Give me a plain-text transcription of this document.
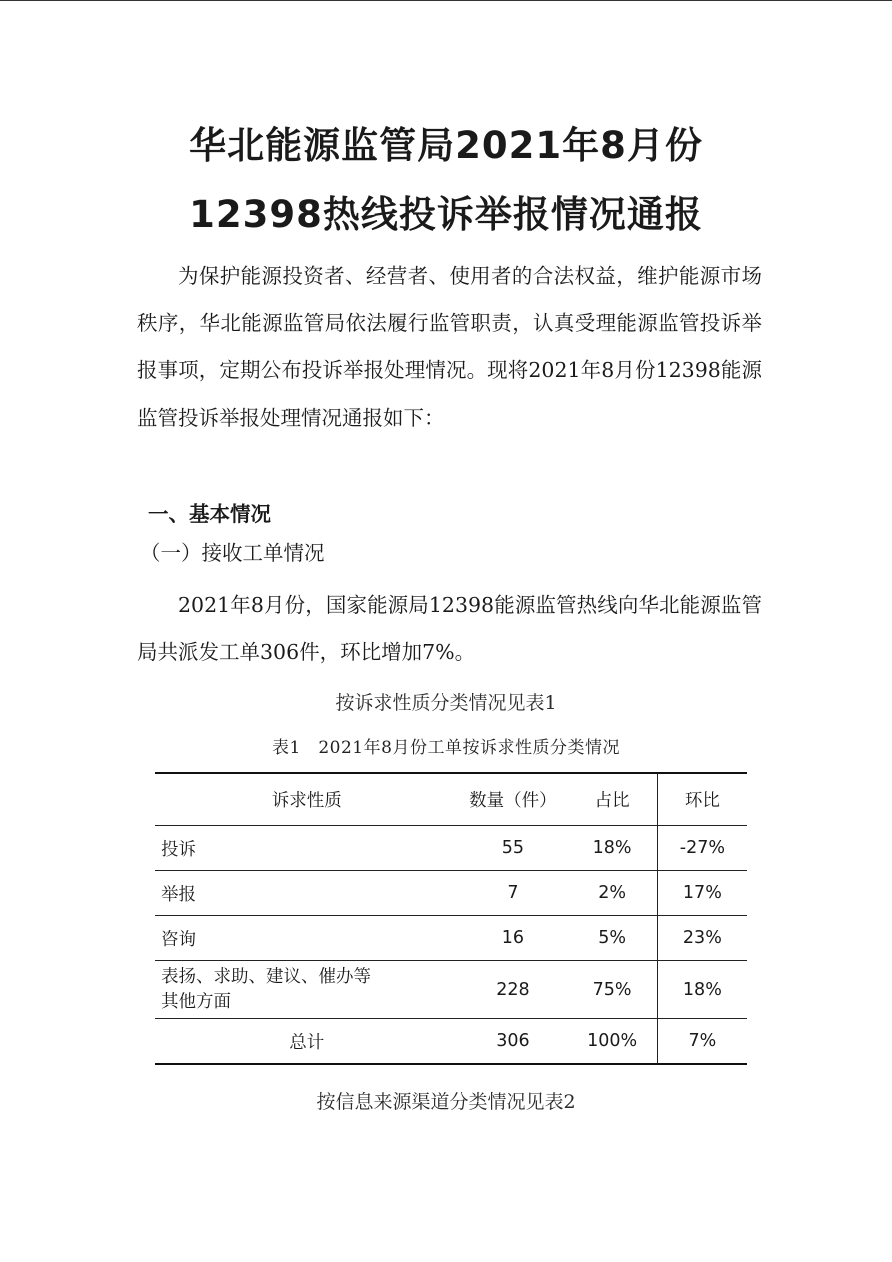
华北能源监管局2021年8月份
12398热线投诉举报情况通报

为保护能源投资者、经营者、使用者的合法权益，维护能源市场秩序，华北能源监管局依法履行监管职责，认真受理能源监管投诉举报事项，定期公布投诉举报处理情况。现将2021年8月份12398能源监管投诉举报处理情况通报如下：

一、基本情况
（一）接收工单情况

2021年8月份，国家能源局12398能源监管热线向华北能源监管局共派发工单306件，环比增加7%。

按诉求性质分类情况见表1
表1　2021年8月份工单按诉求性质分类情况
诉求性质	数量（件）	占比	环比
投诉	55	18%	-27%
举报	7	2%	17%
咨询	16	5%	23%

表扬、求助、建议、催办等
其他方面	228	75%	18%
总计	306	100%	7%
按信息来源渠道分类情况见表2
